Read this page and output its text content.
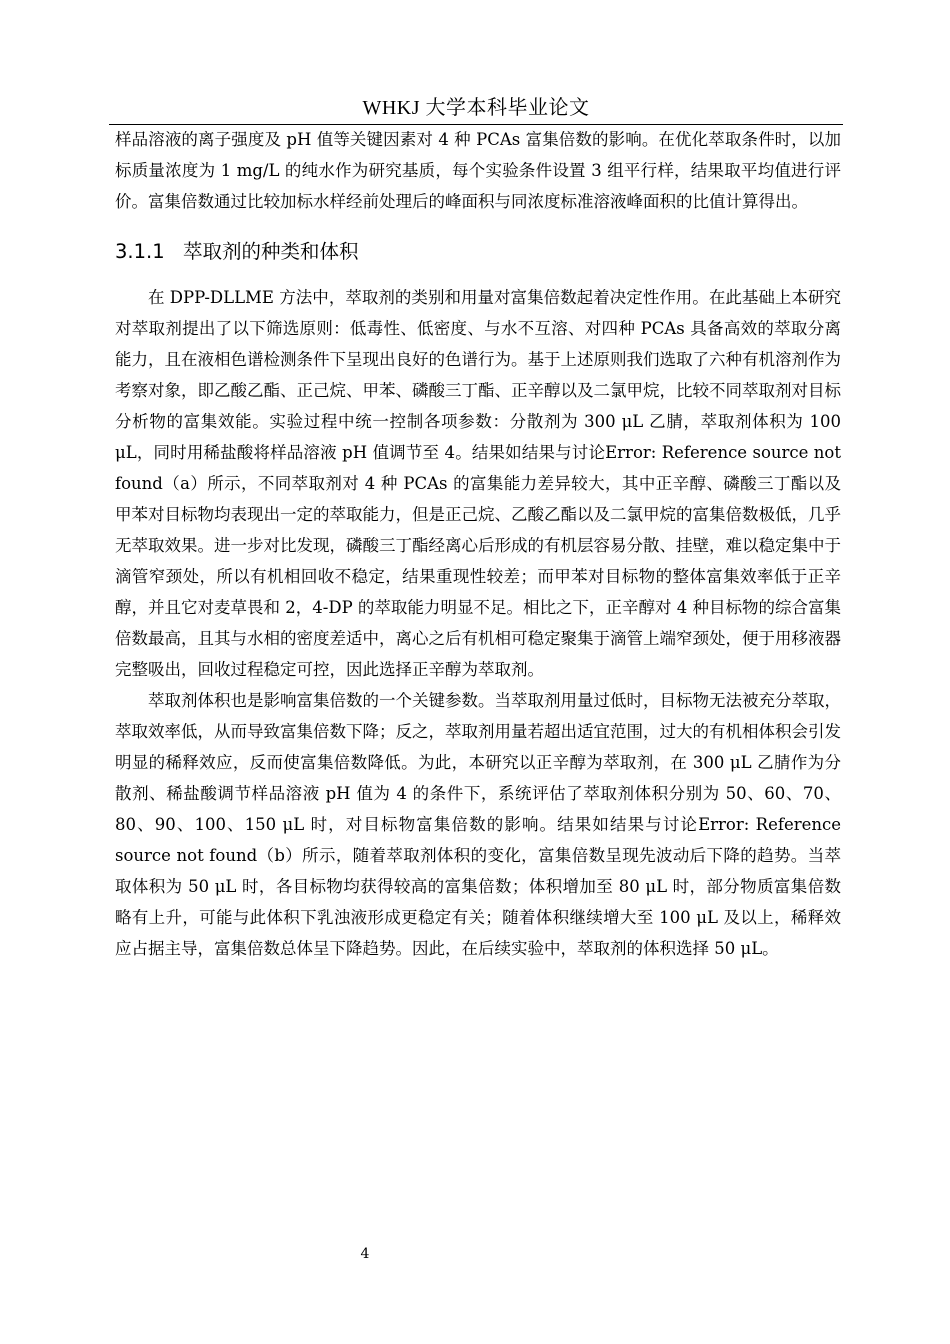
WHKJ 大学本科毕业论文

样品溶液的离子强度及 pH 值等关键因素对 4 种 PCAs 富集倍数的影响。在优化萃取条件时，以加标质量浓度为 1 mg/L 的纯水作为研究基质，每个实验条件设置 3 组平行样，结果取平均值进行评价。富集倍数通过比较加标水样经前处理后的峰面积与同浓度标准溶液峰面积的比值计算得出。

3.1.1 萃取剂的种类和体积

在 DPP-DLLME 方法中，萃取剂的类别和用量对富集倍数起着决定性作用。在此基础上本研究对萃取剂提出了以下筛选原则：低毒性、低密度、与水不互溶、对四种 PCAs 具备高效的萃取分离能力，且在液相色谱检测条件下呈现出良好的色谱行为。基于上述原则我们选取了六种有机溶剂作为考察对象，即乙酸乙酯、正己烷、甲苯、磷酸三丁酯、正辛醇以及二氯甲烷，比较不同萃取剂对目标分析物的富集效能。实验过程中统一控制各项参数：分散剂为 300 μL 乙腈，萃取剂体积为 100 μL，同时用稀盐酸将样品溶液 pH 值调节至 4。结果如结果与讨论Error: Reference source not found（a）所示，不同萃取剂对 4 种 PCAs 的富集能力差异较大，其中正辛醇、磷酸三丁酯以及甲苯对目标物均表现出一定的萃取能力，但是正己烷、乙酸乙酯以及二氯甲烷的富集倍数极低，几乎无萃取效果。进一步对比发现，磷酸三丁酯经离心后形成的有机层容易分散、挂壁，难以稳定集中于滴管窄颈处，所以有机相回收不稳定，结果重现性较差；而甲苯对目标物的整体富集效率低于正辛醇，并且它对麦草畏和 2，4-DP 的萃取能力明显不足。相比之下，正辛醇对 4 种目标物的综合富集倍数最高，且其与水相的密度差适中，离心之后有机相可稳定聚集于滴管上端窄颈处，便于用移液器完整吸出，回收过程稳定可控，因此选择正辛醇为萃取剂。

萃取剂体积也是影响富集倍数的一个关键参数。当萃取剂用量过低时，目标物无法被充分萃取，萃取效率低，从而导致富集倍数下降；反之，萃取剂用量若超出适宜范围，过大的有机相体积会引发明显的稀释效应，反而使富集倍数降低。为此，本研究以正辛醇为萃取剂，在 300 μL 乙腈作为分散剂、稀盐酸调节样品溶液 pH 值为 4 的条件下，系统评估了萃取剂体积分别为 50、60、70、80、90、100、150 μL 时，对目标物富集倍数的影响。结果如结果与讨论Error: Reference source not found（b）所示，随着萃取剂体积的变化，富集倍数呈现先波动后下降的趋势。当萃取体积为 50 μL 时，各目标物均获得较高的富集倍数；体积增加至 80 μL 时，部分物质富集倍数略有上升，可能与此体积下乳浊液形成更稳定有关；随着体积继续增大至 100 μL 及以上，稀释效应占据主导，富集倍数总体呈下降趋势。因此，在后续实验中，萃取剂的体积选择 50 μL。

4
